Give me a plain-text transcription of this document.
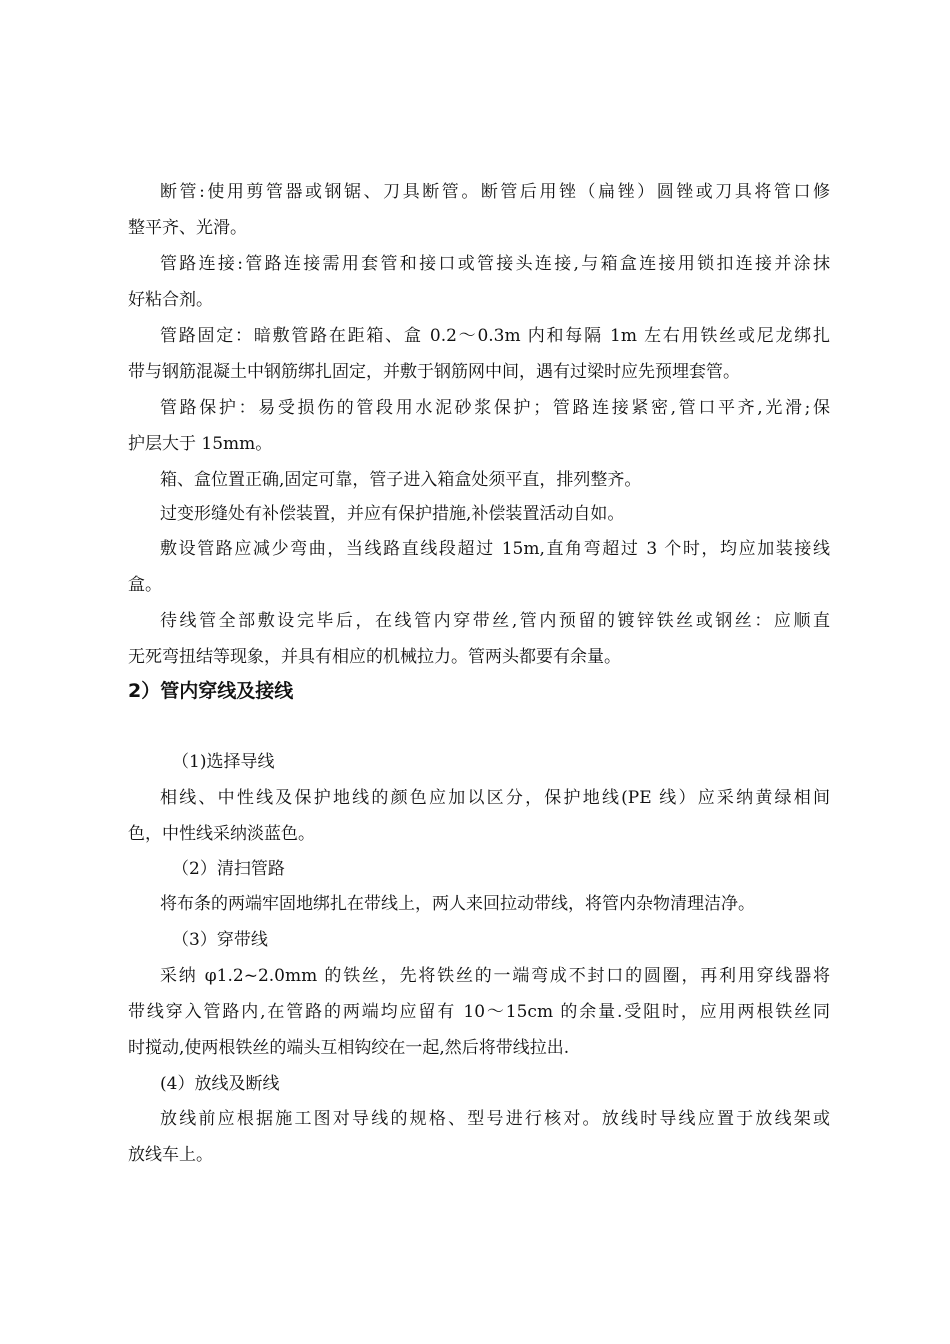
断管:使用剪管器或钢锯、刀具断管。断管后用锉（扁锉）圆锉或刀具将管口修
整平齐、光滑。
管路连接:管路连接需用套管和接口或管接头连接,与箱盒连接用锁扣连接并涂抹
好粘合剂。
管路固定：暗敷管路在距箱、盒 0.2～0.3m 内和每隔 1m 左右用铁丝或尼龙绑扎
带与钢筋混凝土中钢筋绑扎固定，并敷于钢筋网中间，遇有过梁时应先预埋套管。
管路保护：易受损伤的管段用水泥砂浆保护；管路连接紧密,管口平齐,光滑;保
护层大于 15mm。
箱、盒位置正确,固定可靠，管子进入箱盒处须平直，排列整齐。
过变形缝处有补偿装置，并应有保护措施,补偿装置活动自如。
敷设管路应减少弯曲，当线路直线段超过 15m,直角弯超过 3 个时，均应加装接线
盒。
待线管全部敷设完毕后，在线管内穿带丝,管内预留的镀锌铁丝或钢丝：应顺直
无死弯扭结等现象，并具有相应的机械拉力。管两头都要有余量。
2）管内穿线及接线
（1)选择导线
相线、中性线及保护地线的颜色应加以区分，保护地线(PE 线）应采纳黄绿相间
色，中性线采纳淡蓝色。
（2）清扫管路
将布条的两端牢固地绑扎在带线上，两人来回拉动带线，将管内杂物清理洁净。
（3）穿带线
采纳 φ1.2~2.0mm 的铁丝，先将铁丝的一端弯成不封口的圆圈，再利用穿线器将
带线穿入管路内,在管路的两端均应留有 10～15cm 的余量.受阻时，应用两根铁丝同
时搅动,使两根铁丝的端头互相钩绞在一起,然后将带线拉出.
(4）放线及断线
放线前应根据施工图对导线的规格、型号进行核对。放线时导线应置于放线架或
放线车上。
